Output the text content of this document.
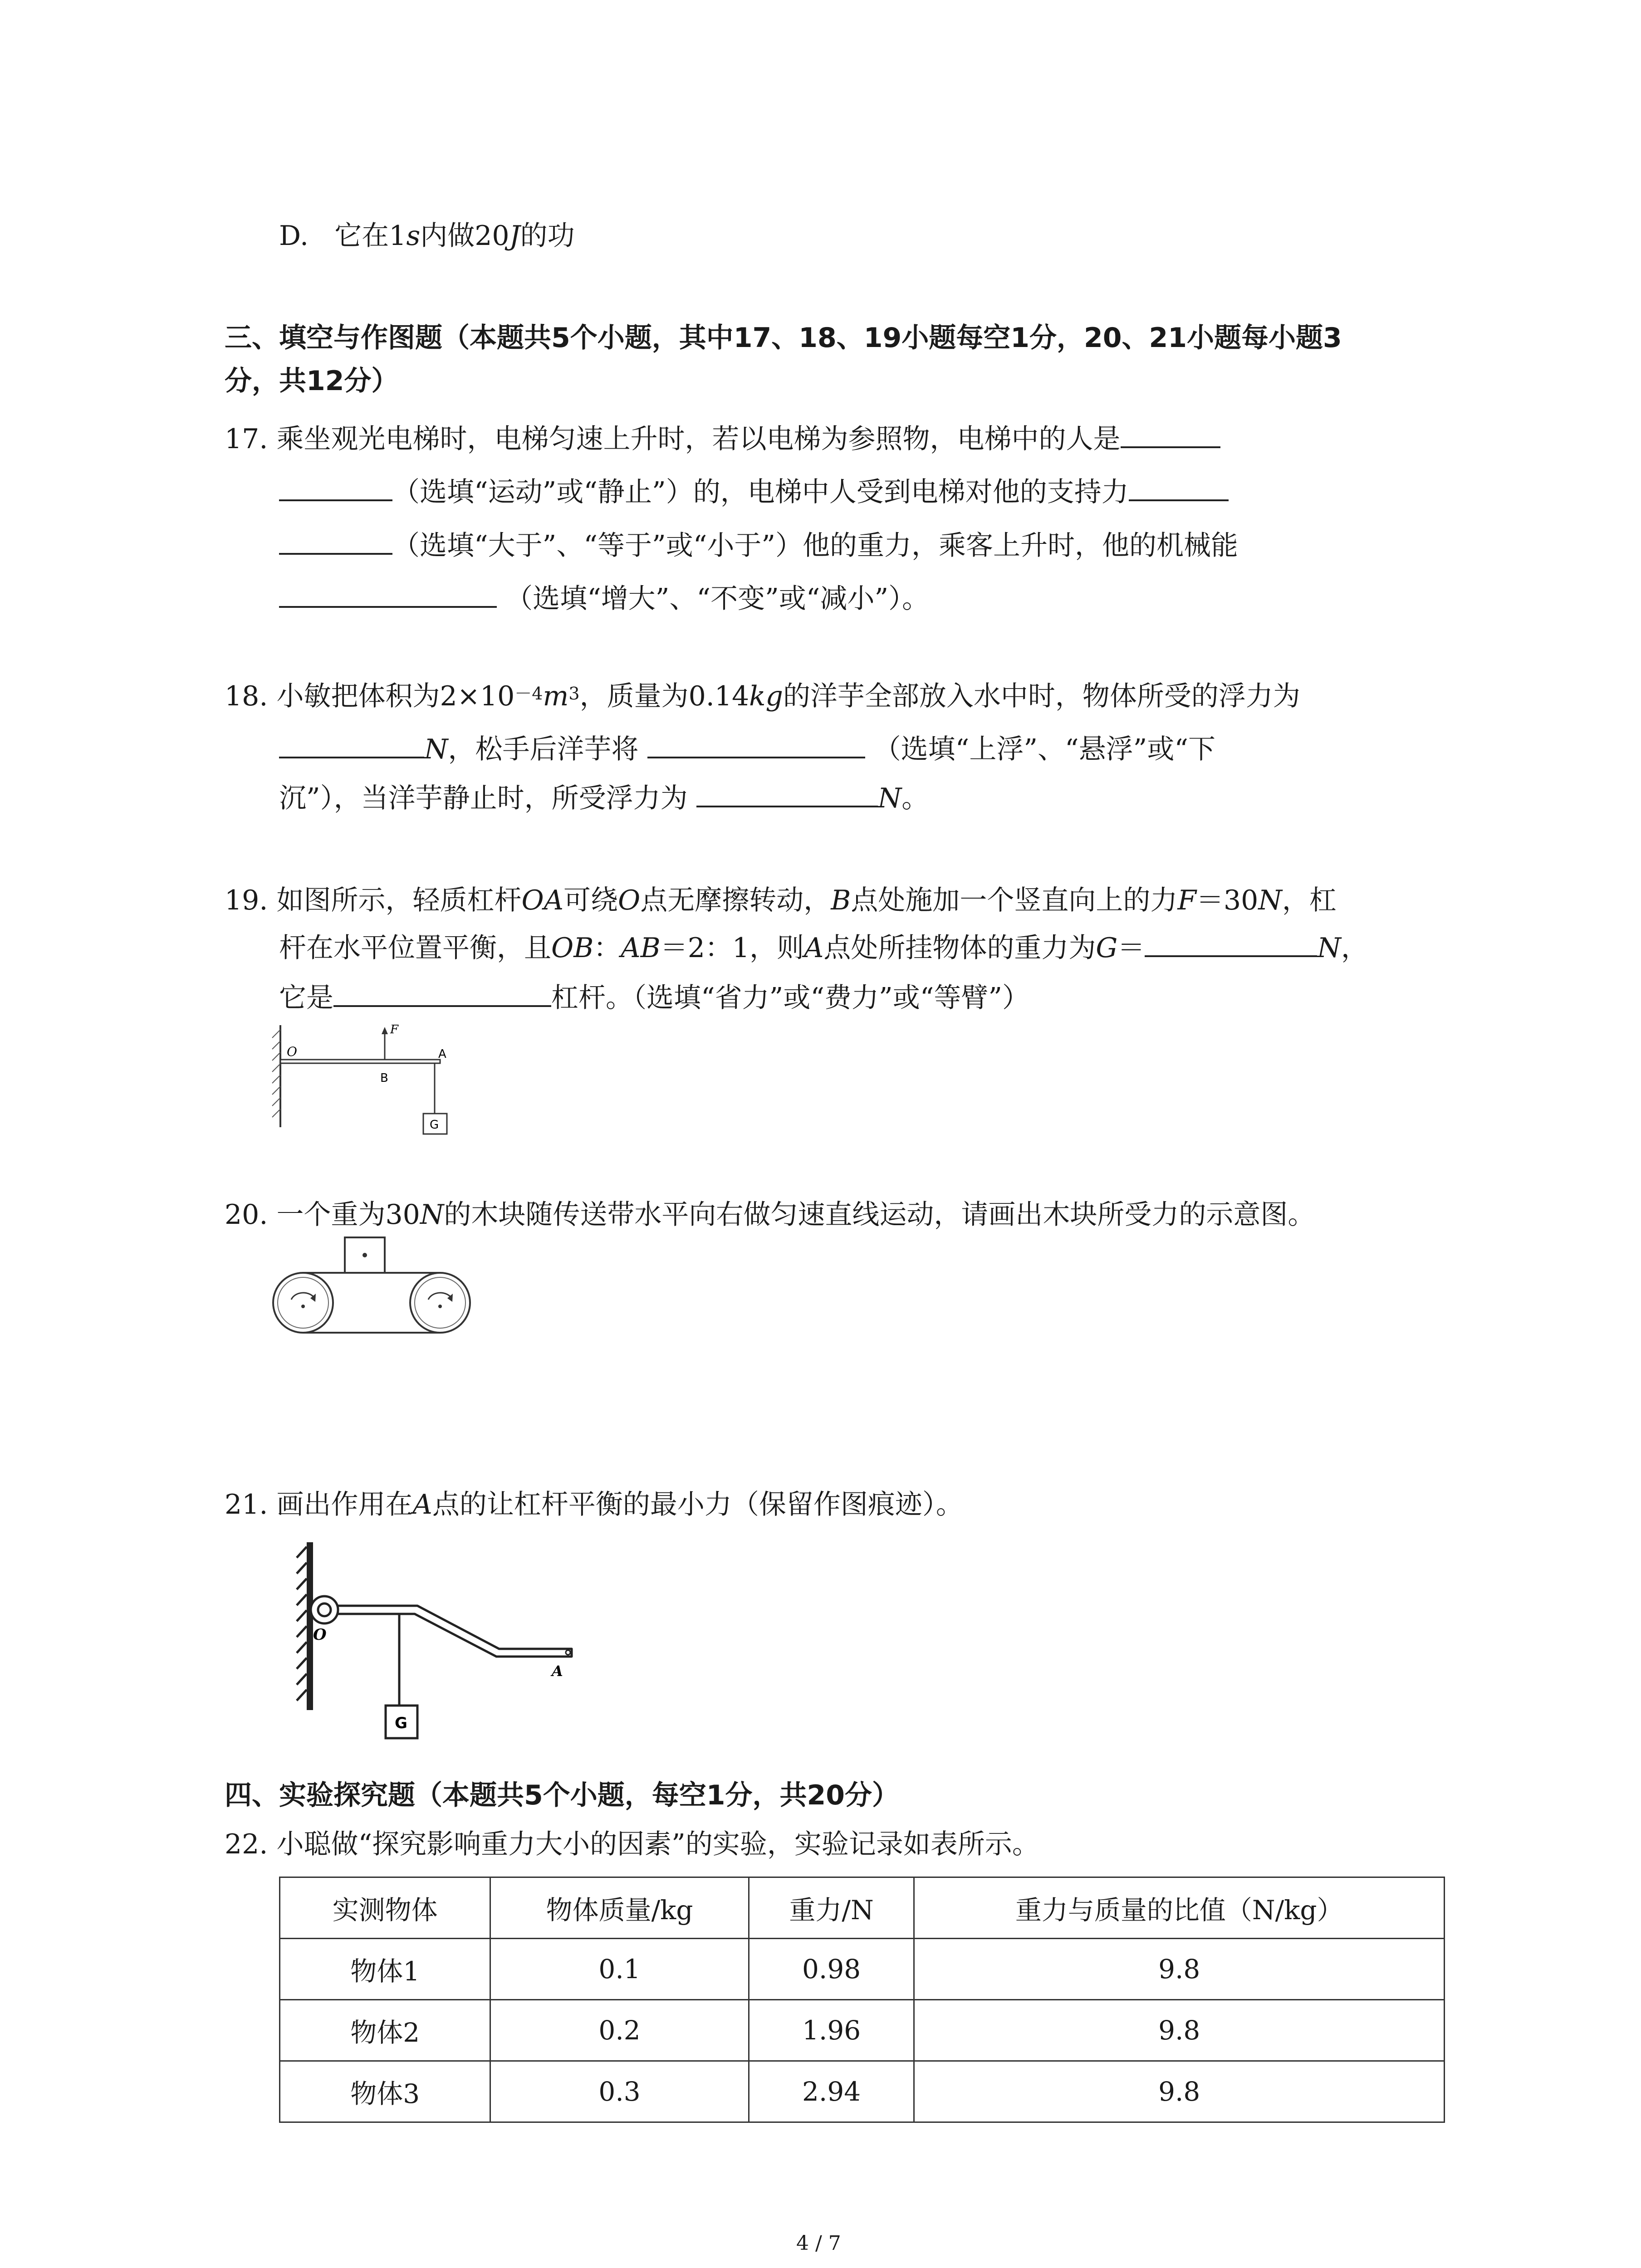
D. 它在1s内做20J的功
三、填空与作图题（本题共5个小题，其中17、18、19小题每空1分，20、21小题每小题3
分，共12分）
17. 乘坐观光电梯时，电梯匀速上升时，若以电梯为参照物，电梯中的人是
（选填“运动”或“静止”）的，电梯中人受到电梯对他的支持力
（选填“大于”、“等于”或“小于”）他的重力，乘客上升时，他的机械能
（选填“增大”、“不变”或“减小”）。
18. 小敏把体积为$2\times 10^{-4}m^3$，质量为0.14kg的洋芋全部放入水中时，物体所受的浮力为
N，松手后洋芋将	（选填“上浮”、“悬浮”或“下
沉”），当洋芋静止时，所受浮力为	N。
19. 如图所示，轻质杠杆OA可绕O点无摩擦转动，B点处施加一个竖直向上的力F＝30N，杠
杆在水平位置平衡，且OB：AB＝2：1，则A点处所挂物体的重力为G＝	N，
它是	杠杆。（选填“省力”或“费力”或“等臂”）
O
F
B
A
G
20. 一个重为30N的木块随传送带水平向右做匀速直线运动，请画出木块所受力的示意图。
21. 画出作用在A点的让杠杆平衡的最小力（保留作图痕迹）。
O
A
G
四、实验探究题（本题共5个小题，每空1分，共20分）
22. 小聪做“探究影响重力大小的因素”的实验，实验记录如表所示。
实测物体	物体质量/kg	重力/N	重力与质量的比值（N/kg）
物体1	0.1	0.98	9.8
物体2	0.2	1.96	9.8
物体3	0.3	2.94	9.8
4 / 7
